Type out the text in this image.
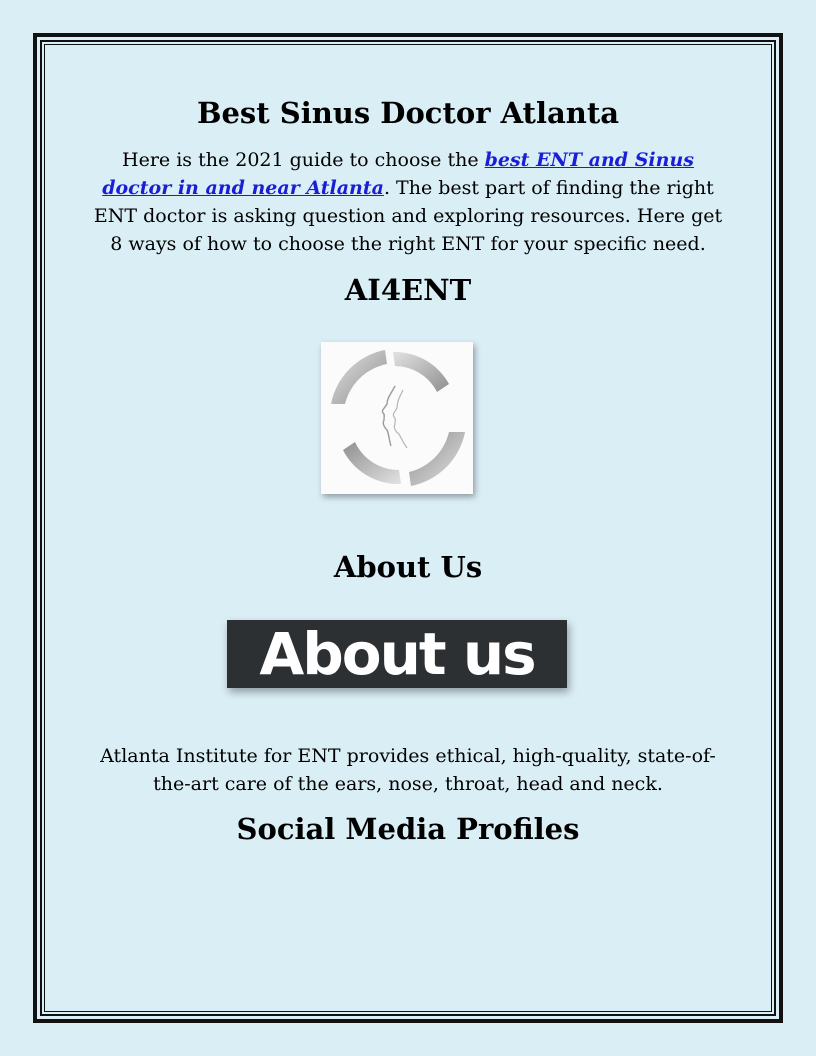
Best Sinus Doctor Atlanta

Here is the 2021 guide to choose the best ENT and Sinus doctor in and near Atlanta. The best part of finding the right ENT doctor is asking question and exploring resources. Here get 8 ways of how to choose the right ENT for your specific need.

AI4ENT
About Us
About us

Atlanta Institute for ENT provides ethical, high-quality, state-of-the-art care of the ears, nose, throat, head and neck.

Social Media Profiles
